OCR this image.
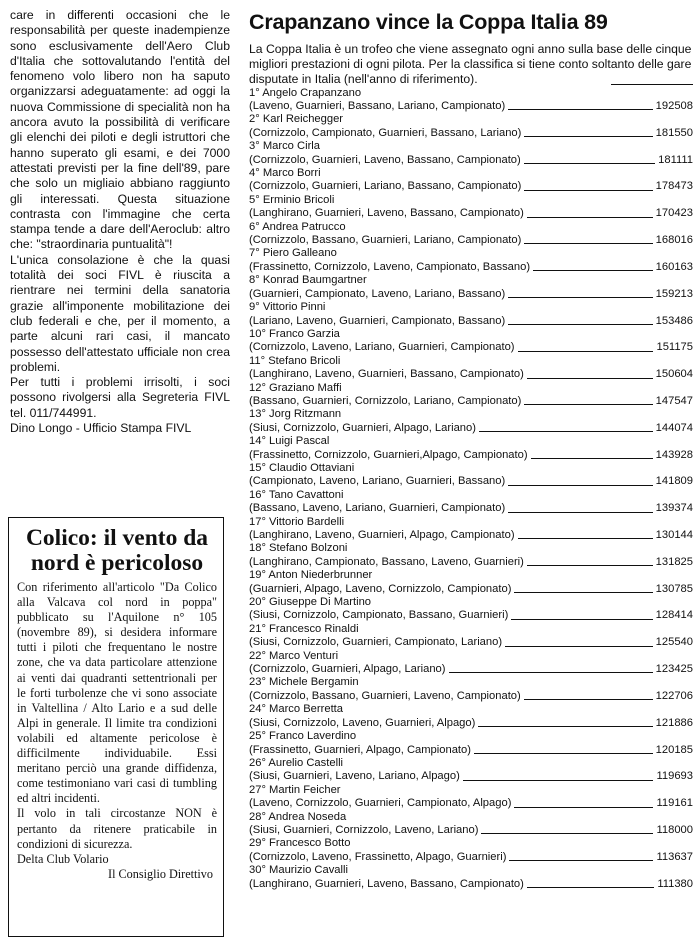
care in differenti occasioni che le responsabilità per queste inadempienze sono esclusivamente dell'Aero Club d'Italia che sottovalutando l'entità del fenomeno volo libero non ha saputo organizzarsi adeguatamente: ad oggi la nuova Commissione di specialità non ha ancora avuto la possibilità di verificare gli elenchi dei piloti e degli istruttori che hanno superato gli esami, e dei 7000 attestati previsti per la fine dell'89, pare che solo un migliaio abbiano raggiunto gli interessati. Questa situazione contrasta con l'immagine che certa stampa tende a dare dell'Aeroclub: altro che: "straordinaria puntualità"!

L'unica consolazione è che la quasi totalità dei soci FIVL è riuscita a rientrare nei termini della sanatoria grazie all'imponente mobilitazione dei club federali e che, per il momento, a parte alcuni rari casi, il mancato possesso dell'attestato ufficiale non crea problemi.

Per tutti i problemi irrisolti, i soci possono rivolgersi alla Segreteria FIVL tel. 011/744991.

Dino Longo - Ufficio Stampa FIVL

Colico: il vento da nord è pericoloso

Con riferimento all'articolo "Da Colico alla Valcava col nord in poppa" pubblicato su l'Aquilone n° 105 (novembre 89), si desidera informare tutti i piloti che frequentano le nostre zone, che va data particolare attenzione ai venti dai quadranti settentrionali per le forti turbolenze che vi sono associate in Valtellina / Alto Lario e a sud delle Alpi in generale. Il limite tra condizioni volabili ed altamente pericolose è difficilmente individuabile. Essi meritano perciò una grande diffidenza, come testimoniano vari casi di tumbling ed altri incidenti.

Il volo in tali circostanze NON è pertanto da ritenere praticabile in condizioni di sicurezza.

Delta Club Volario

Il Consiglio Direttivo

Crapanzano vince la Coppa Italia 89

La Coppa Italia è un trofeo che viene assegnato ogni anno sulla base delle cinque migliori prestazioni di ogni pilota. Per la classifica si tiene conto soltanto delle gare disputate in Italia (nell'anno di riferimento).

1° Angelo Crapanzano
(Laveno, Guarnieri, Bassano, Lariano, Campionato)	192508
2° Karl Reichegger
(Cornizzolo, Campionato, Guarnieri, Bassano, Lariano)	181550
3° Marco Cirla
(Cornizzolo, Guarnieri, Laveno, Bassano, Campionato)	181111
4° Marco Borri
(Cornizzolo, Guarnieri, Lariano, Bassano, Campionato)	178473
5° Erminio Bricoli
(Langhirano, Guarnieri, Laveno, Bassano, Campionato)	170423
6° Andrea Patrucco
(Cornizzolo, Bassano, Guarnieri, Lariano, Campionato)	168016
7° Piero Galleano
(Frassinetto, Cornizzolo, Laveno, Campionato, Bassano)	160163
8° Konrad Baumgartner
(Guarnieri, Campionato, Laveno, Lariano, Bassano)	159213
9° Vittorio Pinni
(Lariano, Laveno, Guarnieri, Campionato, Bassano)	153486
10° Franco Garzia
(Cornizzolo, Laveno, Lariano, Guarnieri, Campionato)	151175
11° Stefano Bricoli
(Langhirano, Laveno, Guarnieri, Bassano, Campionato)	150604
12° Graziano Maffi
(Bassano, Guarnieri, Cornizzolo, Lariano, Campionato)	147547
13° Jorg Ritzmann
(Siusi, Cornizzolo, Guarnieri, Alpago, Lariano)	144074
14° Luigi Pascal
(Frassinetto, Cornizzolo, Guarnieri,Alpago, Campionato)	143928
15° Claudio Ottaviani
(Campionato, Laveno, Lariano, Guarnieri, Bassano)	141809
16° Tano Cavattoni
(Bassano, Laveno, Lariano, Guarnieri, Campionato)	139374
17° Vittorio Bardelli
(Langhirano, Laveno, Guarnieri, Alpago, Campionato)	130144
18° Stefano Bolzoni
(Langhirano, Campionato, Bassano, Laveno, Guarnieri)	131825
19° Anton Niederbrunner
(Guarnieri, Alpago, Laveno, Cornizzolo, Campionato)	130785
20° Giuseppe Di Martino
(Siusi, Cornizzolo, Campionato, Bassano, Guarnieri)	128414
21° Francesco Rinaldi
(Siusi, Cornizzolo, Guarnieri, Campionato, Lariano)	125540
22° Marco Venturi
(Cornizzolo, Guarnieri, Alpago, Lariano)	123425
23° Michele Bergamin
(Cornizzolo, Bassano, Guarnieri, Laveno, Campionato)	122706
24° Marco Berretta
(Siusi, Cornizzolo, Laveno, Guarnieri, Alpago)	121886
25° Franco Laverdino
(Frassinetto, Guarnieri, Alpago, Campionato)	120185
26° Aurelio Castelli
(Siusi, Guarnieri, Laveno, Lariano, Alpago)	119693
27° Martin Feicher
(Laveno, Cornizzolo, Guarnieri, Campionato, Alpago)	119161
28° Andrea Noseda
(Siusi, Guarnieri, Cornizzolo, Laveno, Lariano)	118000
29° Francesco Botto
(Cornizzolo, Laveno, Frassinetto, Alpago, Guarnieri)	113637
30° Maurizio Cavalli
(Langhirano, Guarnieri, Laveno, Bassano, Campionato)	111380
